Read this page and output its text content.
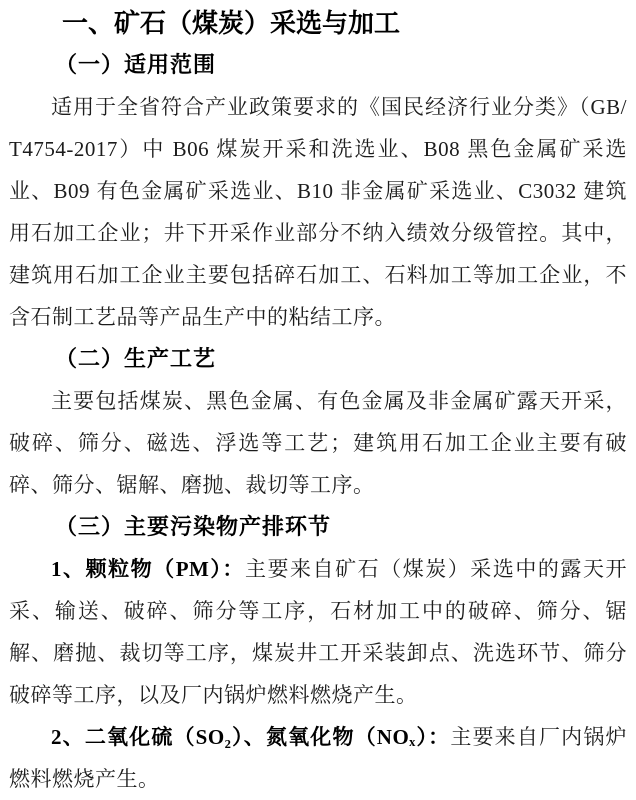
一、矿石（煤炭）采选与加工
（一）适用范围

适用于全省符合产业政策要求的《国民经济行业分类》（GB/T4754-2017）中 B06 煤炭开采和洗选业、B08 黑色金属矿采选业、B09 有色金属矿采选业、B10 非金属矿采选业、C3032 建筑用石加工企业；井下开采作业部分不纳入绩效分级管控。其中，建筑用石加工企业主要包括碎石加工、石料加工等加工企业，不含石制工艺品等产品生产中的粘结工序。

（二）生产工艺

主要包括煤炭、黑色金属、有色金属及非金属矿露天开采，破碎、筛分、磁选、浮选等工艺；建筑用石加工企业主要有破碎、筛分、锯解、磨抛、裁切等工序。

（三）主要污染物产排环节

1、颗粒物（PM）：主要来自矿石（煤炭）采选中的露天开采、输送、破碎、筛分等工序，石材加工中的破碎、筛分、锯解、磨抛、裁切等工序，煤炭井工开采装卸点、洗选环节、筛分破碎等工序，以及厂内锅炉燃料燃烧产生。

2、二氧化硫（SO₂）、氮氧化物（NOₓ）：主要来自厂内锅炉燃料燃烧产生。
